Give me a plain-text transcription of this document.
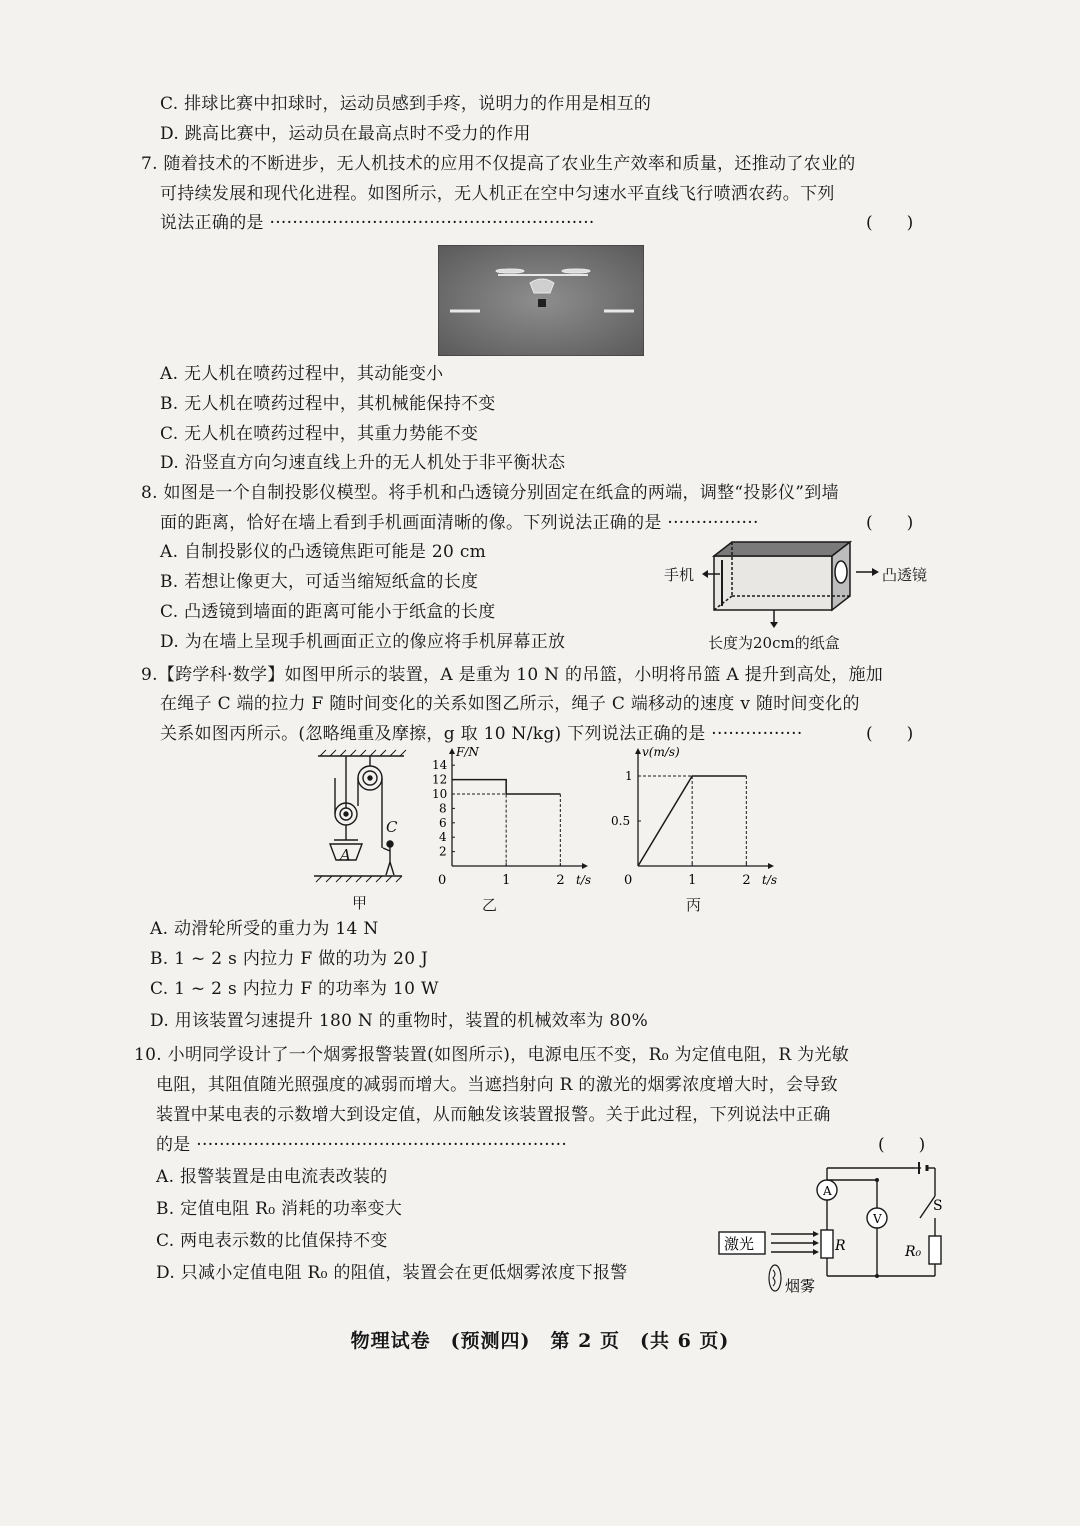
C. 排球比赛中扣球时，运动员感到手疼，说明力的作用是相互的
D. 跳高比赛中，运动员在最高点时不受力的作用
7. 随着技术的不断进步，无人机技术的应用不仅提高了农业生产效率和质量，还推动了农业的
可持续发展和现代化进程。如图所示，无人机正在空中匀速水平直线飞行喷洒农药。下列
说法正确的是 ·························································	(　　)
A. 无人机在喷药过程中，其动能变小
B. 无人机在喷药过程中，其机械能保持不变
C. 无人机在喷药过程中，其重力势能不变
D. 沿竖直方向匀速直线上升的无人机处于非平衡状态
8. 如图是一个自制投影仪模型。将手机和凸透镜分别固定在纸盒的两端，调整“投影仪”到墙
面的距离，恰好在墙上看到手机画面清晰的像。下列说法正确的是 ················	(　　)
A. 自制投影仪的凸透镜焦距可能是 20 cm
B. 若想让像更大，可适当缩短纸盒的长度
C. 凸透镜到墙面的距离可能小于纸盒的长度
D. 为在墙上呈现手机画面正立的像应将手机屏幕正放
手机	凸透镜
长度为20cm的纸盒
9.【跨学科·数学】如图甲所示的装置，A 是重为 10 N 的吊篮，小明将吊篮 A 提升到高处，施加
在绳子 C 端的拉力 F 随时间变化的关系如图乙所示，绳子 C 端移动的速度 v 随时间变化的
关系如图丙所示。(忽略绳重及摩擦，g 取 10 N/kg) 下列说法正确的是 ················	(　　)
A
C
0	1	2
2
4
6
8
10
12
14
F/N
t/s	0	1	2
0.5
1
v(m/s)
t/s
甲	乙	丙
A. 动滑轮所受的重力为 14 N
B. 1 ~ 2 s 内拉力 F 做的功为 20 J
C. 1 ~ 2 s 内拉力 F 的功率为 10 W
D. 用该装置匀速提升 180 N 的重物时，装置的机械效率为 80%
10. 小明同学设计了一个烟雾报警装置(如图所示)，电源电压不变，R₀ 为定值电阻，R 为光敏
电阻，其阻值随光照强度的减弱而增大。当遮挡射向 R 的激光的烟雾浓度增大时，会导致
装置中某电表的示数增大到设定值，从而触发该装置报警。关于此过程，下列说法中正确
的是 ·································································	(　　)
A. 报警装置是由电流表改装的
B. 定值电阻 R₀ 消耗的功率变大
C. 两电表示数的比值保持不变
D. 只减小定值电阻 R₀ 的阻值，装置会在更低烟雾浓度下报警
A
V
R	R₀
S
激光
烟雾
物理试卷　(预测四)　第 2 页　(共 6 页)
